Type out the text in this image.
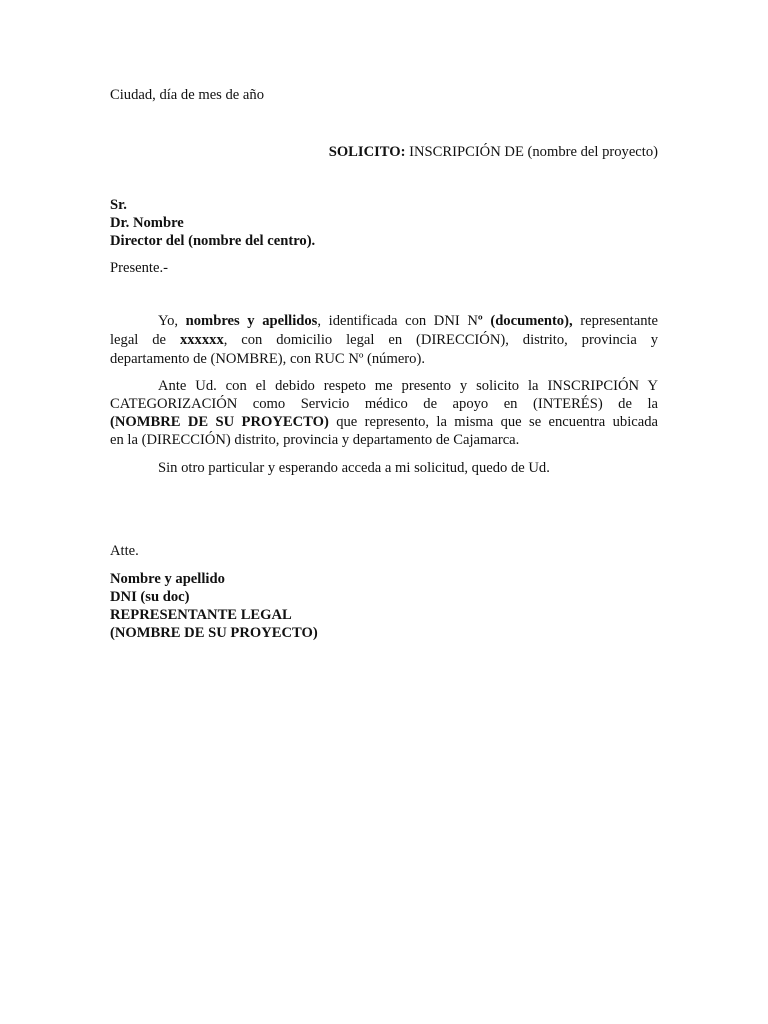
Ciudad, día de mes de año
SOLICITO: INSCRIPCIÓN DE (nombre del proyecto)
Sr.
Dr. Nombre
Director del (nombre del centro).
Presente.-
Yo, nombres y apellidos, identificada con DNI Nº (documento), representante
legal de xxxxxx, con domicilio legal en (DIRECCIÓN), distrito, provincia y
departamento de (NOMBRE), con RUC Nº (número).
Ante Ud. con el debido respeto me presento y solicito la INSCRIPCIÓN Y
CATEGORIZACIÓN como Servicio médico de apoyo en (INTERÉS) de la
(NOMBRE DE SU PROYECTO) que represento, la misma que se encuentra ubicada
en la (DIRECCIÓN) distrito, provincia y departamento de Cajamarca.
Sin otro particular y esperando acceda a mi solicitud, quedo de Ud.
Atte.
Nombre y apellido
DNI (su doc)
REPRESENTANTE LEGAL
(NOMBRE DE SU PROYECTO)
